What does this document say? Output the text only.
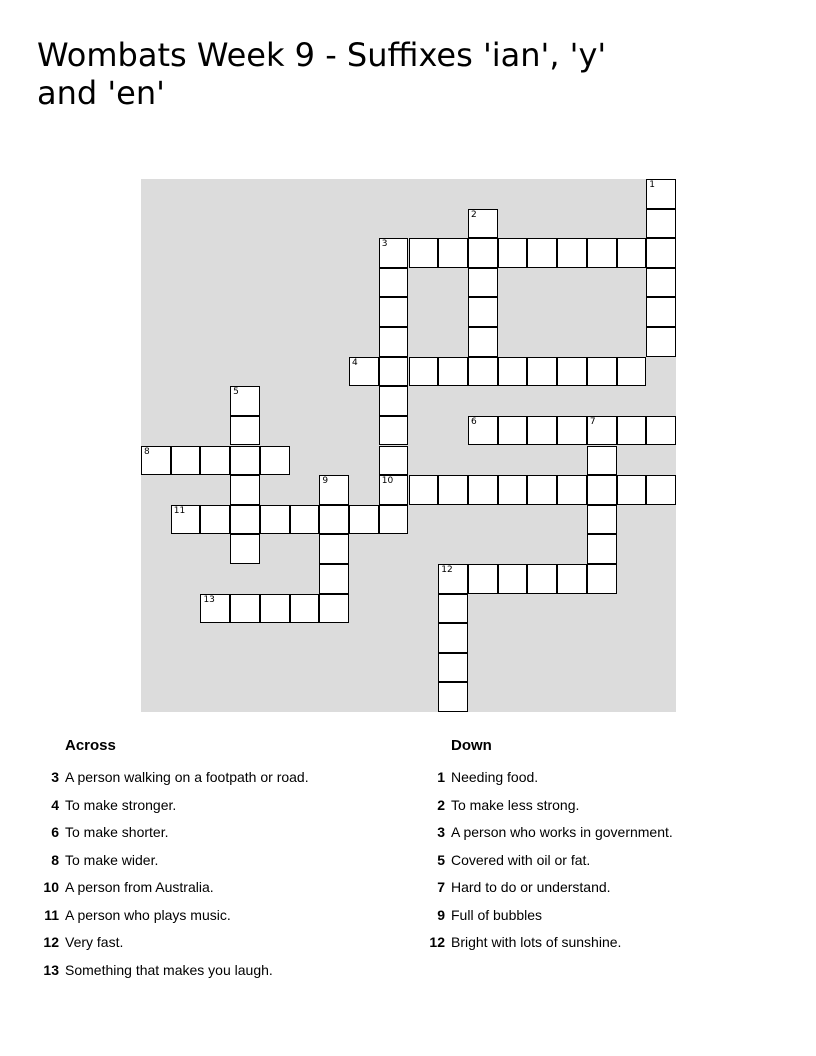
Wombats Week 9 - Suffixes 'ian', 'y' and 'en'
1
2
3
10
4
5
6	7
8
9
11
12
13
Across
3 A person walking on a footpath or road.
4 To make stronger.
6 To make shorter.
8 To make wider.
10 A person from Australia.
11 A person who plays music.
12 Very fast.
13 Something that makes you laugh.
Down
1 Needing food.
2 To make less strong.
3 A person who works in government.
5 Covered with oil or fat.
7 Hard to do or understand.
9 Full of bubbles
12 Bright with lots of sunshine.
